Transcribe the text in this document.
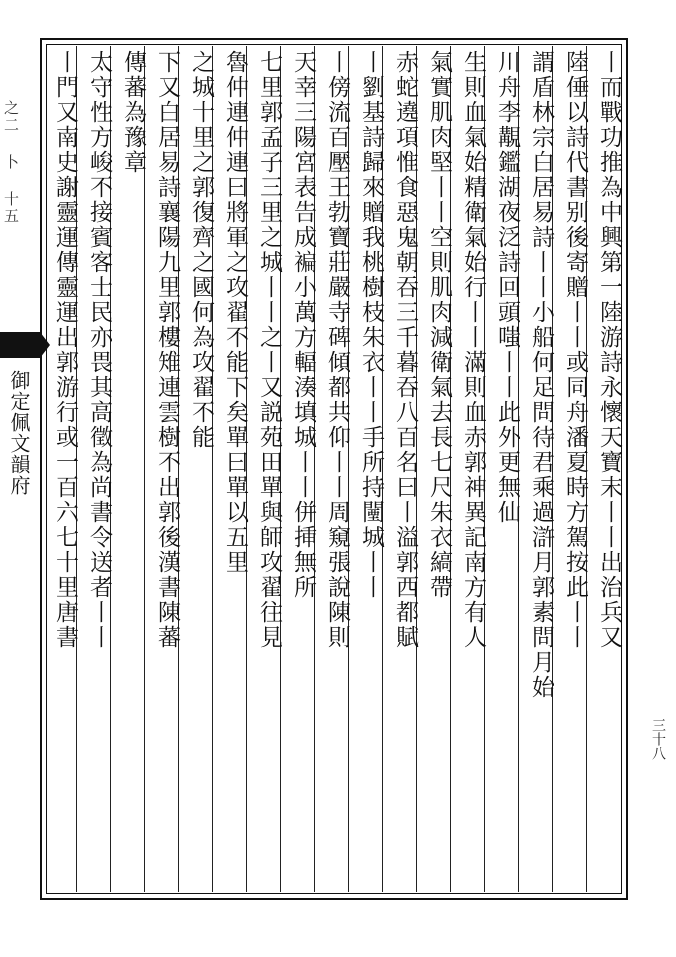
之二 卜 十五
御定佩文韻府	丨而戰功推為中興第一陸游詩永懷天寶末丨丨出治兵又
陸倕以詩代書别後寄贈丨丨或同舟潘夏時方駕按此丨丨
謂盾林宗白居易詩丨丨小船何足問待君乘過滸月郭素問月始
川舟李覯鑑湖夜泛詩回頭嗤丨丨此外更無仙
生則血氣始精衛氣始行丨丨滿則血赤郭神異記南方有人
氣實肌肉堅丨丨空則肌肉減衛氣去長七尺朱衣縞帶
赤蛇遶項惟食惡鬼朝吞三千暮吞八百名曰丨溢郭西都賦
丨劉基詩歸來贈我桃樹枝朱衣丨丨手所持闉城丨丨
丨傍流百壓王勃寶莊嚴寺碑傾都共仰丨丨周窺張說陳則
天幸三陽宮表告成褊小萬方輻湊填城丨丨併挿無所
七里郭孟子三里之城丨丨之丨又説苑田單與師攻翟往見
魯仲連仲連曰將軍之攻翟不能下矣單曰單以五里
之城十里之郭復齊之國何為攻翟不能
下又白居易詩襄陽九里郭樓雉連雲樹不出郭後漢書陳蕃
傳蕃為豫章
太守性方峻不接賓客士民亦畏其高徵為尚書令送者丨丨
丨門又南史謝靈運傳靈運出郭游行或一百六七十里唐書
三十八
